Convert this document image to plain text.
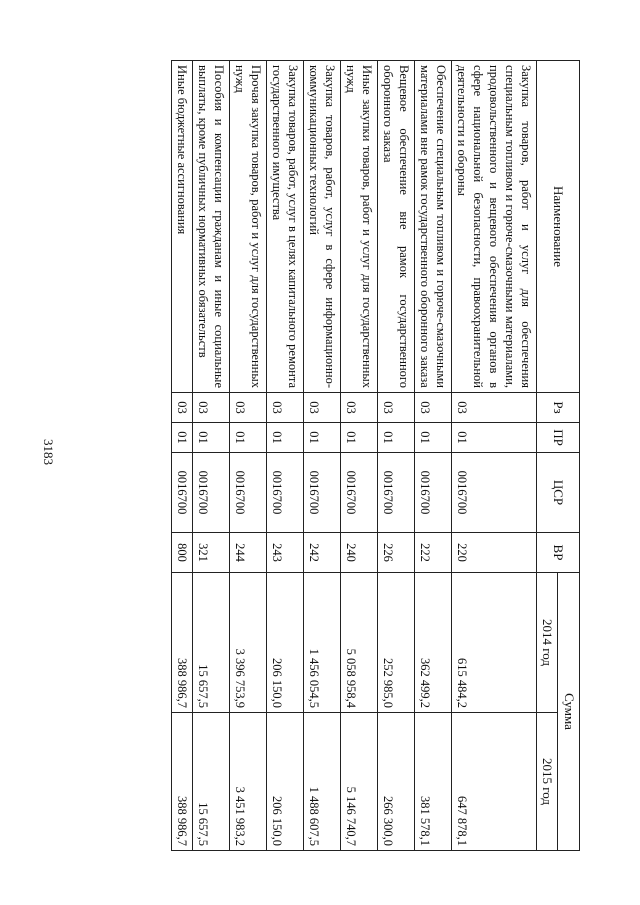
3183
Наименование	Рз	ПР	ЦСР	ВР	Сумма	
					2014 год	2015 год
Закупка товаров, работ и услуг для обеспечения специальным топливом и горюче-смазочными материалами, продовольственного и вещевого обеспечения органов в сфере национальной безопасности, правоохранительной деятельности и обороны	03	01	0016700	220	615 484,2	647 878,1
Обеспечение специальным топливом и горюче-смазочными материалами вне рамок государственного оборонного заказа	03	01	0016700	222	362 499,2	381 578,1
Вещевое обеспечение вне рамок государственного оборонного заказа	03	01	0016700	226	252 985,0	266 300,0
Иные закупки товаров, работ и услуг для государственных нужд	03	01	0016700	240	5 058 958,4	5 146 740,7
Закупка товаров, работ, услуг в сфере информационно-коммуникационных технологий	03	01	0016700	242	1 456 054,5	1 488 607,5
Закупка товаров, работ, услуг в целях капитального ремонта государственного имущества	03	01	0016700	243	206 150,0	206 150,0
Прочая закупка товаров, работ и услуг для государственных нужд	03	01	0016700	244	3 396 753,9	3 451 983,2
Пособия и компенсации гражданам и иные социальные выплаты, кроме публичных нормативных обязательств	03	01	0016700	321	15 657,5	15 657,5
Иные бюджетные ассигнования	03	01	0016700	800	388 986,7	388 986,7
